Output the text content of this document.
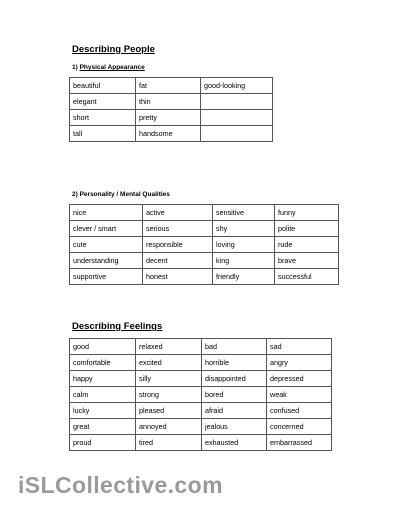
Describing People
1) Physical Appearance
beautiful	fat	good-looking
elegant	thin	
short	pretty	
tall	handsome	
2) Personality / Mental Qualities
nice	active	sensitive	funny
clever / smart	serious	shy	polite
cute	responsible	loving	rude
understanding	decent	king	brave
supportive	honest	friendly	successful
Describing Feelings
good	relaxed	bad	sad
comfortable	excited	horrible	angry
happy	silly	disappointed	depressed
calm	strong	bored	weak
lucky	pleased	afraid	confused
great	annoyed	jealous	concerned
proud	tired	exhausted	embarrassed
iSLCollective.com
